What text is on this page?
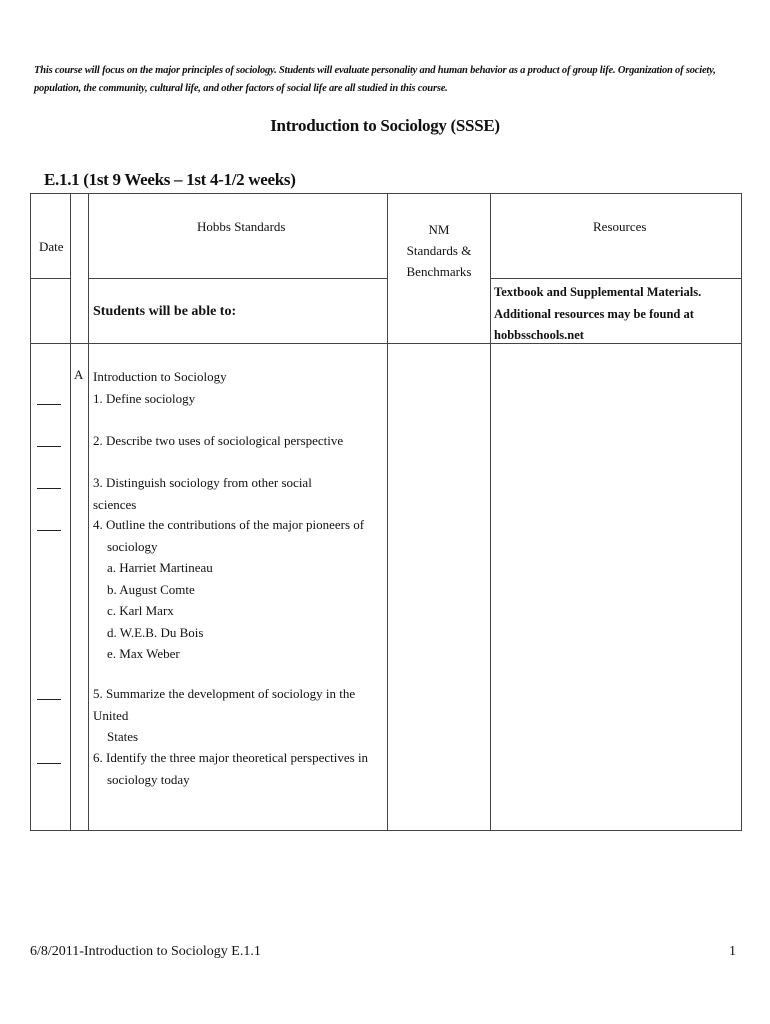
This course will focus on the major principles of sociology. Students will evaluate personality and human behavior as a product of group life. Organization of society, population, the community, cultural life, and other factors of social life are all studied in this course.
Introduction to Sociology (SSSE)
E.1.1 (1st 9 Weeks – 1st 4-1/2 weeks)
Date
Hobbs Standards	NM
Standards &
Benchmarks
Resources
Students will be able to:
Textbook and Supplemental Materials.
Additional resources may be found at
hobbsschools.net
A Introduction to Sociology
1. Define sociology
2. Describe two uses of sociological perspective
3. Distinguish sociology from other social sciences
4. Outline the contributions of the major pioneers of
sociology
a. Harriet Martineau
b. August Comte
c. Karl Marx
d. W.E.B. Du Bois
e. Max Weber
5. Summarize the development of sociology in the United
States
6. Identify the three major theoretical perspectives in
sociology today
6/8/2011-Introduction to Sociology E.1.1	1
